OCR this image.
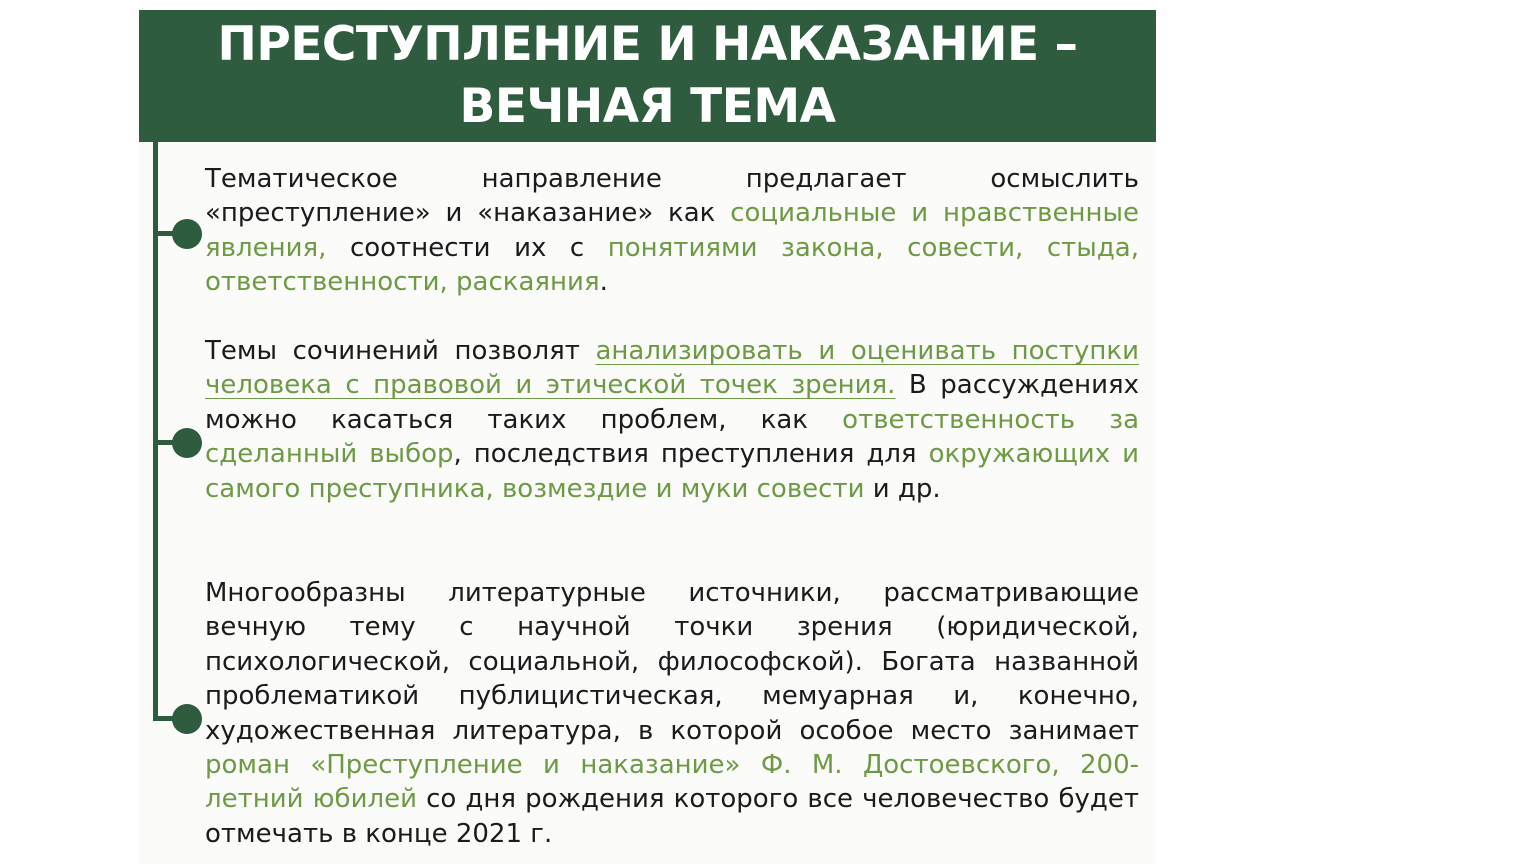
ПРЕСТУПЛЕНИЕ И НАКАЗАНИЕ –
ВЕЧНАЯ ТЕМА

Тематическое направление предлагает осмыслить «преступление» и «наказание» как социальные и нравственные явления, соотнести их с понятиями закона, совести, стыда, ответственности, раскаяния.

Темы сочинений позволят анализировать и оценивать поступки человека с правовой и этической точек зрения. В рассуждениях можно касаться таких проблем, как ответственность за сделанный выбор, последствия преступления для окружающих и самого преступника, возмездие и муки совести и др.

Многообразны литературные источники, рассматривающие вечную тему с научной точки зрения (юридической, психологической, социальной, философской). Богата названной проблематикой публицистическая, мемуарная и, конечно, художественная литература, в которой особое место занимает роман «Преступление и наказание» Ф. М. Достоевского, 200-летний юбилей со дня рождения которого все человечество будет отмечать в конце 2021 г.
